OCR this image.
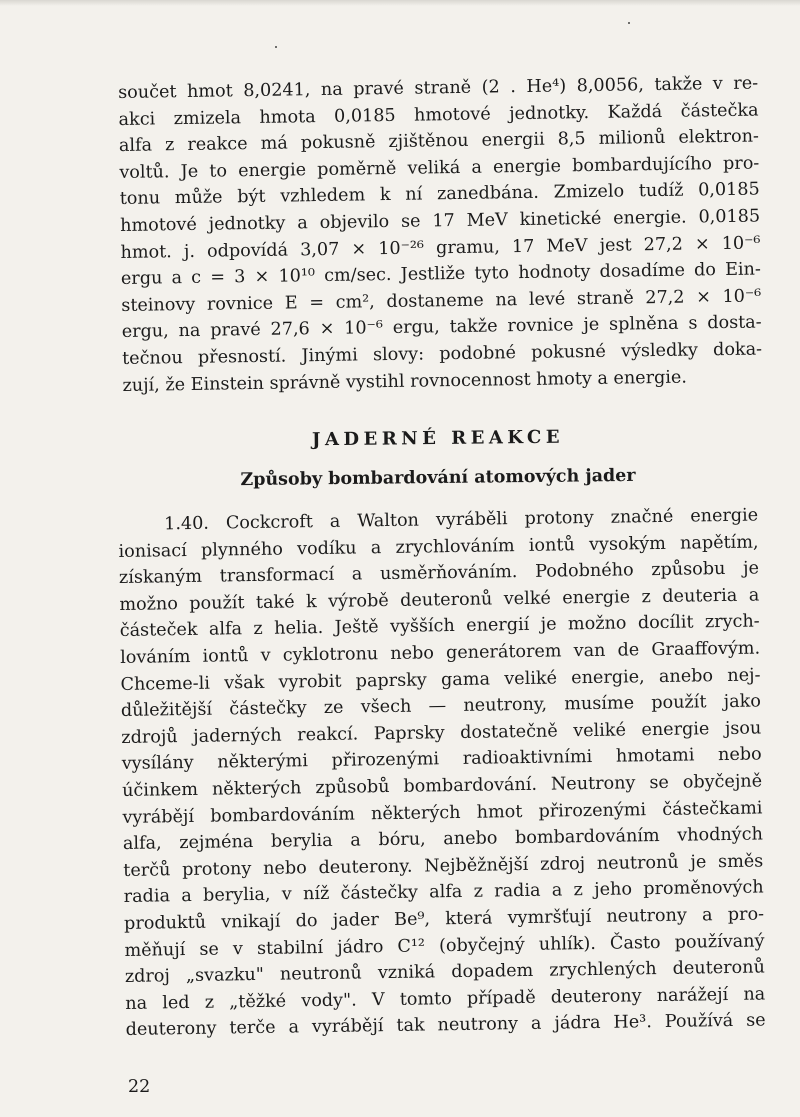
součet hmot 8,0241, na pravé straně (2 . He⁴) 8,0056, takže v re-
akci zmizela hmota 0,0185 hmotové jednotky. Každá částečka
alfa z reakce má pokusně zjištěnou energii 8,5 milionů elektron-
voltů. Je to energie poměrně veliká a energie bombardujícího pro-
tonu může být vzhledem k ní zanedbána. Zmizelo tudíž 0,0185
hmotové jednotky a objevilo se 17 MeV kinetické energie. 0,0185
hmot. j. odpovídá 3,07 × 10⁻²⁶ gramu, 17 MeV jest 27,2 × 10⁻⁶
ergu a c = 3 × 10¹⁰ cm/sec. Jestliže tyto hodnoty dosadíme do Ein-
steinovy rovnice E = cm², dostaneme na levé straně 27,2 × 10⁻⁶
ergu, na pravé 27,6 × 10⁻⁶ ergu, takže rovnice je splněna s dosta-
tečnou přesností. Jinými slovy: podobné pokusné výsledky doka-
zují, že Einstein správně vystihl rovnocennost hmoty a energie.
JADERNÉ REAKCE
Způsoby bombardování atomových jader
1.40. Cockcroft a Walton vyráběli protony značné energie
ionisací plynného vodíku a zrychlováním iontů vysokým napětím,
získaným transformací a usměrňováním. Podobného způsobu je
možno použít také k výrobě deuteronů velké energie z deuteria a
částeček alfa z helia. Ještě vyšších energií je možno docílit zrych-
lováním iontů v cyklotronu nebo generátorem van de Graaffovým.
Chceme-li však vyrobit paprsky gama veliké energie, anebo nej-
důležitější částečky ze všech — neutrony, musíme použít jako
zdrojů jaderných reakcí. Paprsky dostatečně veliké energie jsou
vysílány některými přirozenými radioaktivními hmotami nebo
účinkem některých způsobů bombardování. Neutrony se obyčejně
vyrábějí bombardováním některých hmot přirozenými částečkami
alfa, zejména berylia a bóru, anebo bombardováním vhodných
terčů protony nebo deuterony. Nejběžnější zdroj neutronů je směs
radia a berylia, v níž částečky alfa z radia a z jeho proměnových
produktů vnikají do jader Be⁹, která vymršťují neutrony a pro-
měňují se v stabilní jádro C¹² (obyčejný uhlík). Často používaný
zdroj „svazku" neutronů vzniká dopadem zrychlených deuteronů
na led z „těžké vody". V tomto případě deuterony narážejí na
deuterony terče a vyrábějí tak neutrony a jádra He³. Používá se
22
